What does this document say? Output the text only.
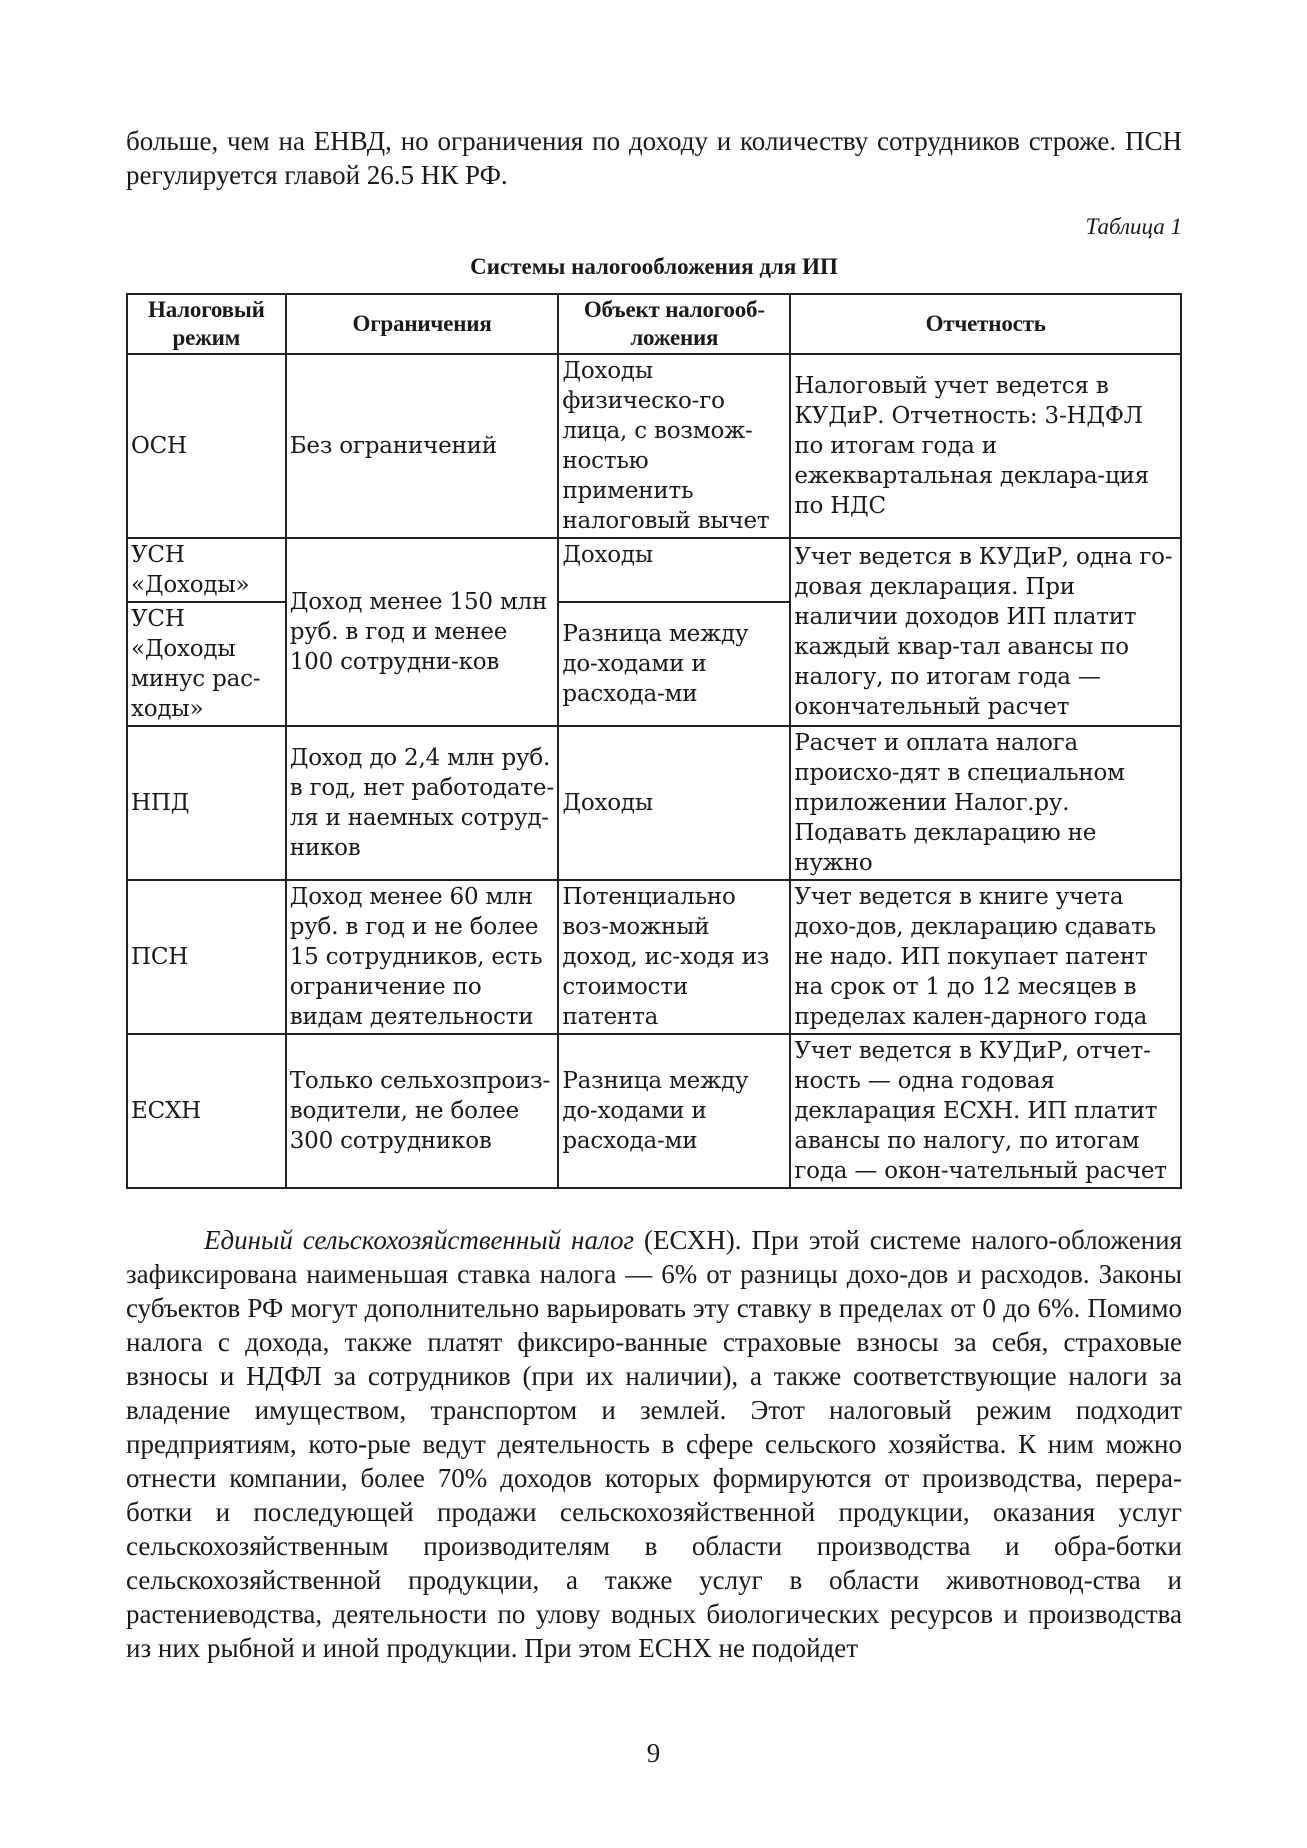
больше, чем на ЕНВД, но ограничения по доходу и количеству сотрудников строже. ПСН регулируется главой 26.5 НК РФ.

Таблица 1
Системы налогообложения для ИП
Налоговый режим	Ограничения	Объект налогооб-ложения	Отчетность
ОСН	Без ограничений	Доходы физическо-го лица, с возмож-ностью применить налоговый вычет	Налоговый учет ведется в КУДиР. Отчетность: 3-НДФЛ по итогам года и ежеквартальная деклара-ция по НДС
УСН «Доходы»	Доход менее 150 млн руб. в год и менее 100 сотрудни-ков	Доходы	Учет ведется в КУДиР, одна го-довая декларация. При наличии доходов ИП платит каждый квар-тал авансы по налогу, по итогам года — окончательный расчет
УСН «Доходы минус рас-ходы»		Разница между до-ходами и расхода-ми	
НПД	Доход до 2,4 млн руб. в год, нет работодате-ля и наемных сотруд-ников	Доходы	Расчет и оплата налога происхо-дят в специальном приложении Налог.ру. Подавать декларацию не нужно
ПСН	Доход менее 60 млн руб. в год и не более 15 сотрудников, есть ограничение по видам деятельности	Потенциально воз-можный доход, ис-ходя из стоимости патента	Учет ведется в книге учета дохо-дов, декларацию сдавать не надо. ИП покупает патент на срок от 1 до 12 месяцев в пределах кален-дарного года
ЕСХН	Только сельхозпроиз-водители, не более 300 сотрудников	Разница между до-ходами и расхода-ми	Учет ведется в КУДиР, отчет-ность — одна годовая декларация ЕСХН. ИП платит авансы по налогу, по итогам года — окон-чательный расчет

Единый сельскохозяйственный налог (ЕСХН). При этой системе налого-обложения зафиксирована наименьшая ставка налога — 6% от разницы дохо-дов и расходов. Законы субъектов РФ могут дополнительно варьировать эту ставку в пределах от 0 до 6%. Помимо налога с дохода, также платят фиксиро-ванные страховые взносы за себя, страховые взносы и НДФЛ за сотрудников (при их наличии), а также соответствующие налоги за владение имуществом, транспортом и землей. Этот налоговый режим подходит предприятиям, кото-рые ведут деятельность в сфере сельского хозяйства. К ним можно отнести компании, более 70% доходов которых формируются от производства, перера-ботки и последующей продажи сельскохозяйственной продукции, оказания услуг сельскохозяйственным производителям в области производства и обра-ботки сельскохозяйственной продукции, а также услуг в области животновод-ства и растениеводства, деятельности по улову водных биологических ресурсов и производства из них рыбной и иной продукции. При этом ЕСНХ не подойдет

9
